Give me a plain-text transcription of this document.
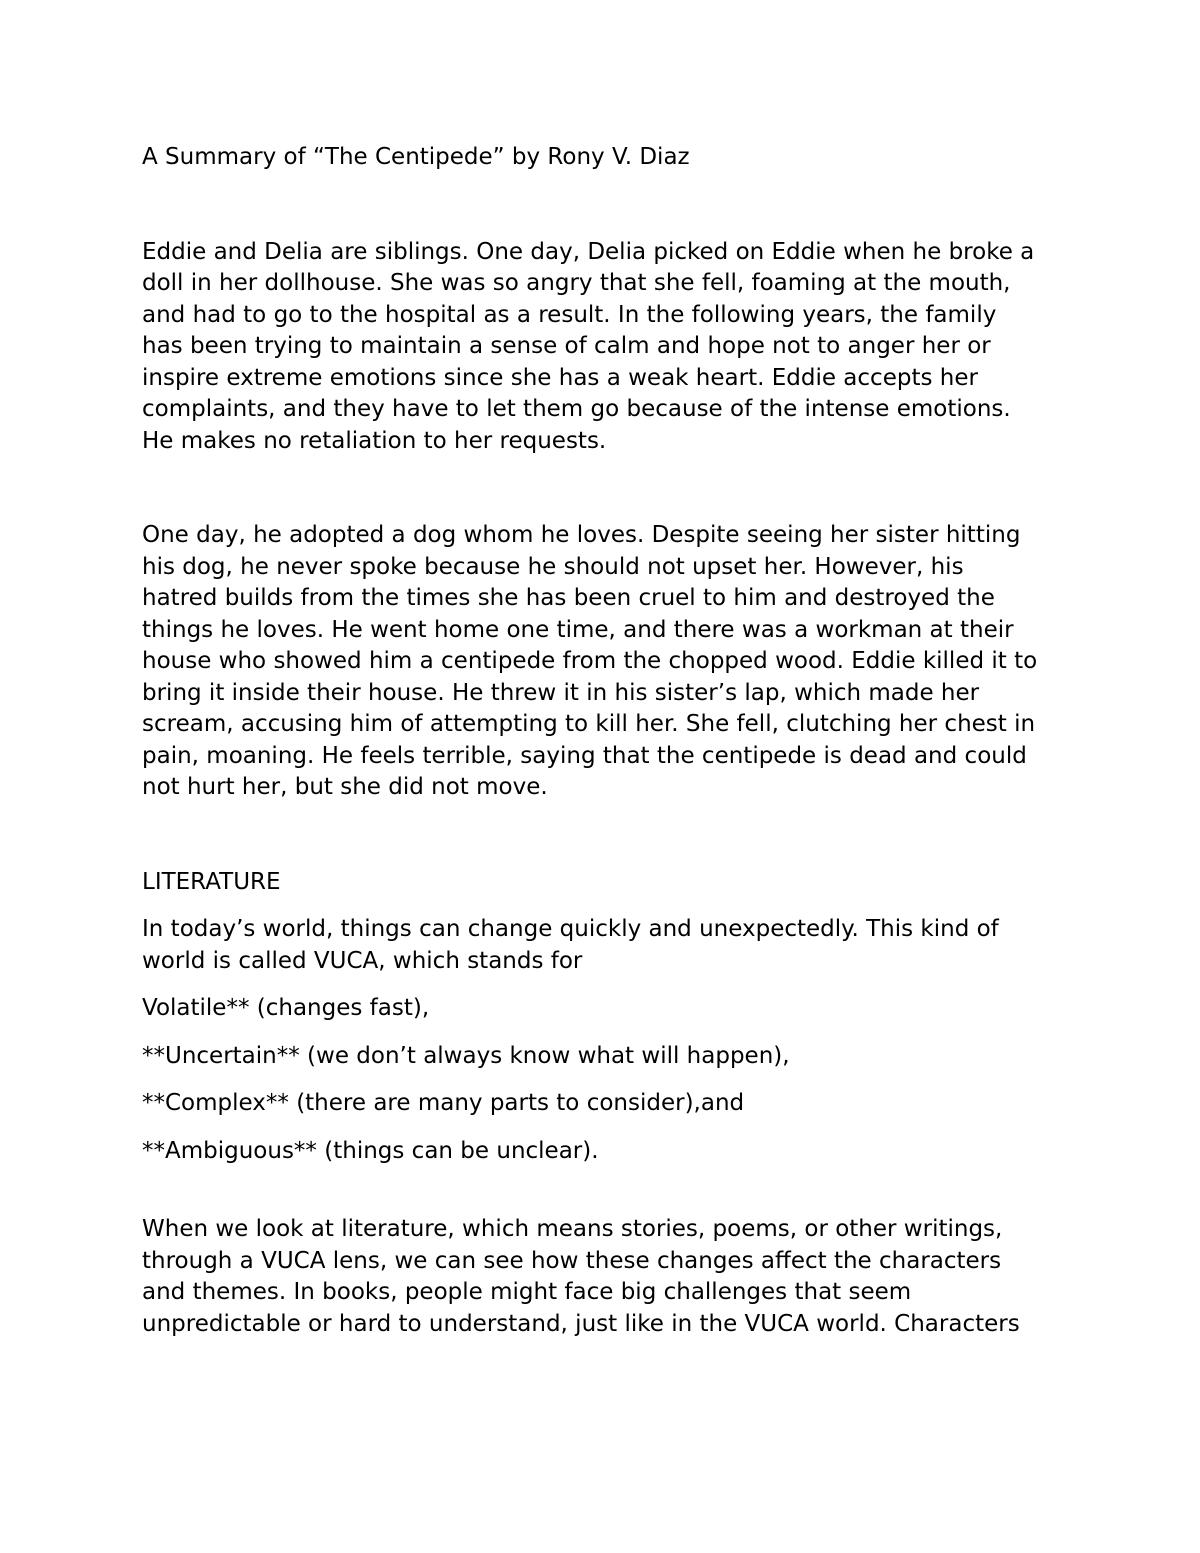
A Summary of “The Centipede” by Rony V. Diaz

Eddie and Delia are siblings. One day, Delia picked on Eddie when he broke a
doll in her dollhouse. She was so angry that she fell, foaming at the mouth,
and had to go to the hospital as a result. In the following years, the family
has been trying to maintain a sense of calm and hope not to anger her or
inspire extreme emotions since she has a weak heart. Eddie accepts her
complaints, and they have to let them go because of the intense emotions.
He makes no retaliation to her requests.
One day, he adopted a dog whom he loves. Despite seeing her sister hitting
his dog, he never spoke because he should not upset her. However, his
hatred builds from the times she has been cruel to him and destroyed the
things he loves. He went home one time, and there was a workman at their
house who showed him a centipede from the chopped wood. Eddie killed it to
bring it inside their house. He threw it in his sister’s lap, which made her
scream, accusing him of attempting to kill her. She fell, clutching her chest in
pain, moaning. He feels terrible, saying that the centipede is dead and could
not hurt her, but she did not move.

LITERATURE

In today’s world, things can change quickly and unexpectedly. This kind of
world is called VUCA, which stands for

Volatile** (changes fast),

**Uncertain** (we don’t always know what will happen),

**Complex** (there are many parts to consider),and

**Ambiguous** (things can be unclear).

When we look at literature, which means stories, poems, or other writings,
through a VUCA lens, we can see how these changes affect the characters
and themes. In books, people might face big challenges that seem
unpredictable or hard to understand, just like in the VUCA world. Characters
